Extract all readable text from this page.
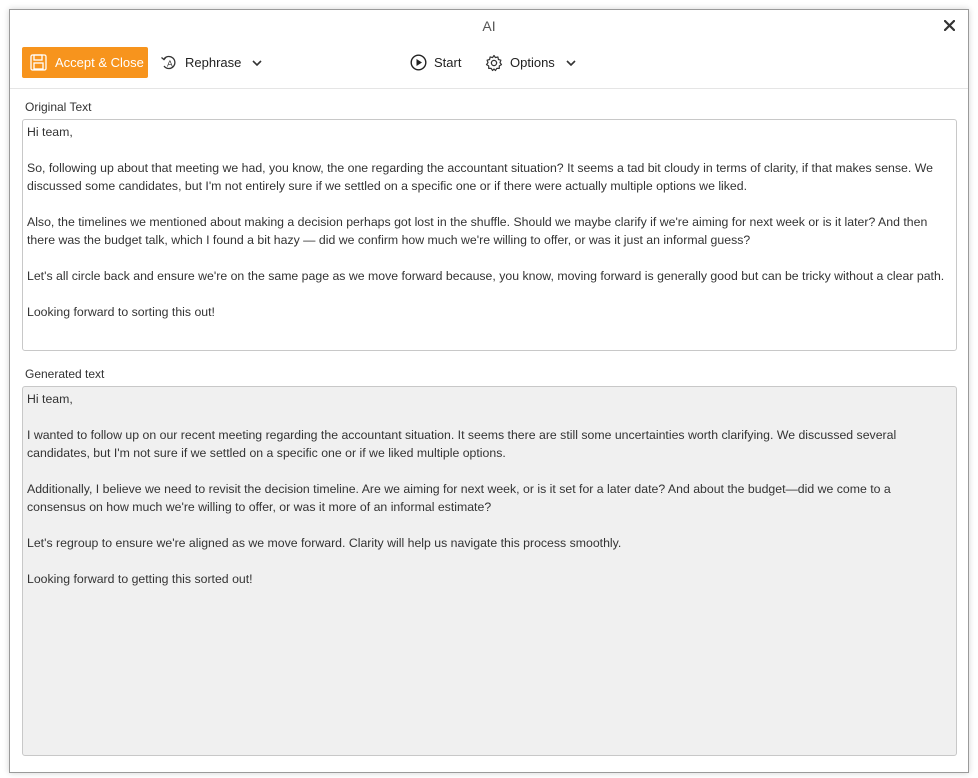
AI
Accept & Close	A Rephrase	Start	Options
Original Text
Hi team,
So, following up about that meeting we had, you know, the one regarding the accountant situation? It seems a tad bit cloudy in terms of clarity, if that makes sense. We discussed some candidates, but I'm not entirely sure if we settled on a specific one or if there were actually multiple options we liked.
Also, the timelines we mentioned about making a decision perhaps got lost in the shuffle. Should we maybe clarify if we're aiming for next week or is it later? And then there was the budget talk, which I found a bit hazy — did we confirm how much we're willing to offer, or was it just an informal guess?
Let's all circle back and ensure we're on the same page as we move forward because, you know, moving forward is generally good but can be tricky without a clear path.
Looking forward to sorting this out!
Generated text
Hi team,
I wanted to follow up on our recent meeting regarding the accountant situation. It seems there are still some uncertainties worth clarifying. We discussed several candidates, but I'm not sure if we settled on a specific one or if we liked multiple options.
Additionally, I believe we need to revisit the decision timeline. Are we aiming for next week, or is it set for a later date? And about the budget—did we come to a consensus on how much we're willing to offer, or was it more of an informal estimate?
Let's regroup to ensure we're aligned as we move forward. Clarity will help us navigate this process smoothly.
Looking forward to getting this sorted out!
